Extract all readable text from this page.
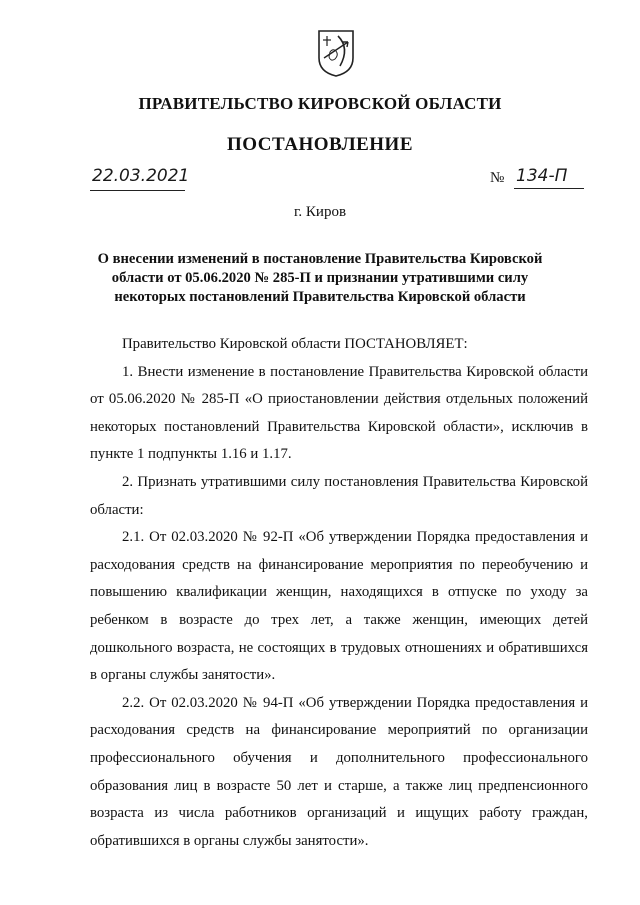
ПРАВИТЕЛЬСТВО КИРОВСКОЙ ОБЛАСТИ
ПОСТАНОВЛЕНИЕ
22.03.2021	№ 134-П
г. Киров
О внесении изменений в постановление Правительства Кировской
области от 05.06.2020 № 285-П и признании утратившими силу
некоторых постановлений Правительства Кировской области

Правительство Кировской области ПОСТАНОВЛЯЕТ:

1. Внести изменение в постановление Правительства Кировской области от 05.06.2020 № 285-П «О приостановлении действия отдельных положений некоторых постановлений Правительства Кировской области», исключив в пункте 1 подпункты 1.16 и 1.17.

2. Признать утратившими силу постановления Правительства Кировской области:

2.1. От 02.03.2020 № 92-П «Об утверждении Порядка предоставления и расходования средств на финансирование мероприятия по переобучению и повышению квалификации женщин, находящихся в отпуске по уходу за ребенком в возрасте до трех лет, а также женщин, имеющих детей дошкольного возраста, не состоящих в трудовых отношениях и обратившихся в органы службы занятости».

2.2. От 02.03.2020 № 94-П «Об утверждении Порядка предоставления и расходования средств на финансирование мероприятий по организации профессионального обучения и дополнительного профессионального образования лиц в возрасте 50 лет и старше, а также лиц предпенсионного возраста из числа работников организаций и ищущих работу граждан, обратившихся в органы службы занятости».
